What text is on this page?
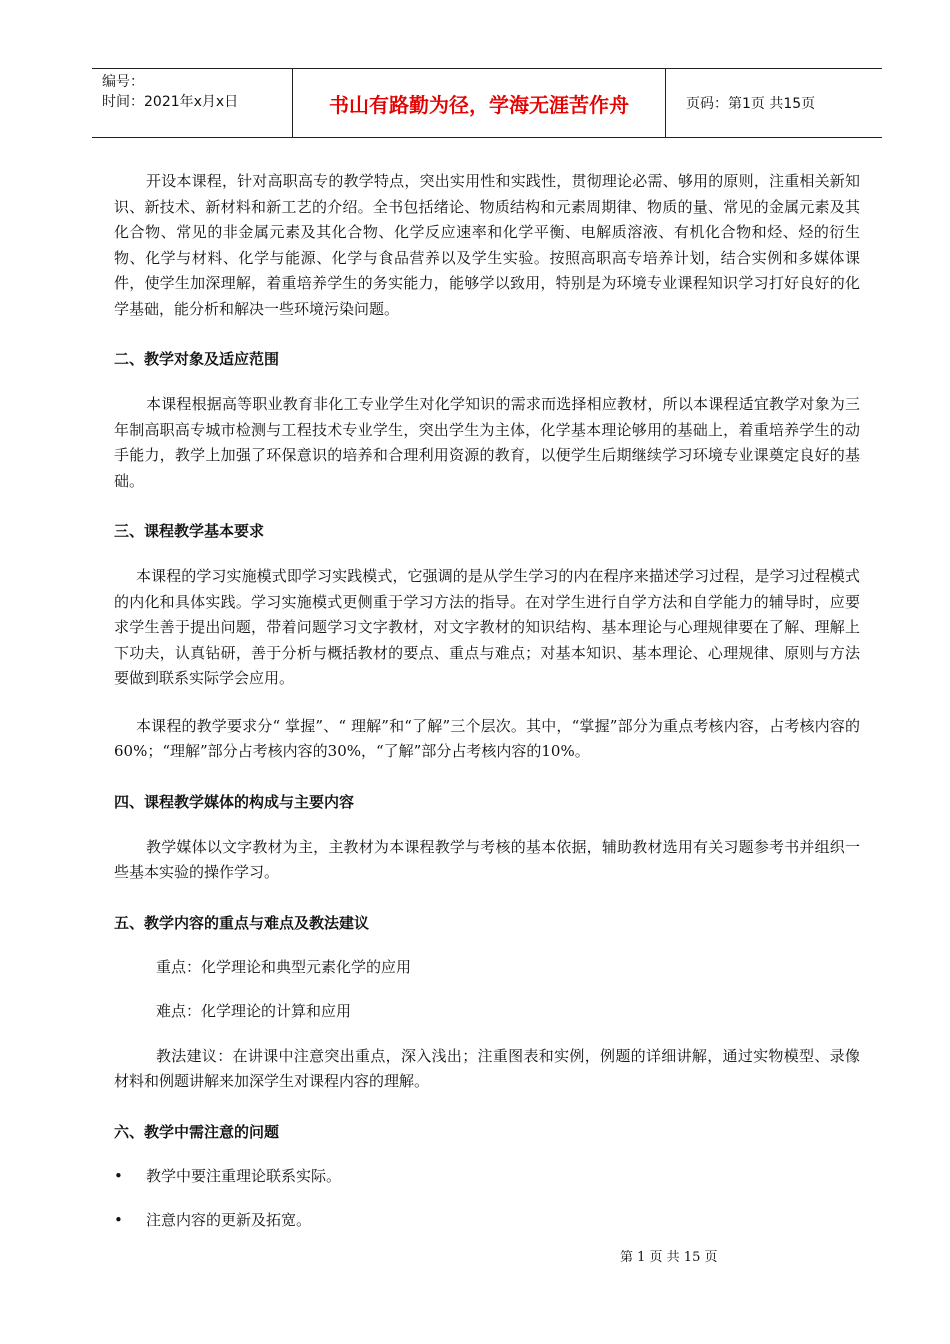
编号：
时间：2021年x月x日	书山有路勤为径，学海无涯苦作舟	页码：第1页 共15页

开设本课程，针对高职高专的教学特点，突出实用性和实践性，贯彻理论必需、够用的原则，注重相关新知识、新技术、新材料和新工艺的介绍。全书包括绪论、物质结构和元素周期律、物质的量、常见的金属元素及其化合物、常见的非金属元素及其化合物、化学反应速率和化学平衡、电解质溶液、有机化合物和烃、烃的衍生物、化学与材料、化学与能源、化学与食品营养以及学生实验。按照高职高专培养计划，结合实例和多媒体课件，使学生加深理解，着重培养学生的务实能力，能够学以致用，特别是为环境专业课程知识学习打好良好的化学基础，能分析和解决一些环境污染问题。

二、教学对象及适应范围

本课程根据高等职业教育非化工专业学生对化学知识的需求而选择相应教材，所以本课程适宜教学对象为三年制高职高专城市检测与工程技术专业学生，突出学生为主体，化学基本理论够用的基础上，着重培养学生的动手能力，教学上加强了环保意识的培养和合理利用资源的教育，以便学生后期继续学习环境专业课奠定良好的基础。

三、课程教学基本要求

本课程的学习实施模式即学习实践模式，它强调的是从学生学习的内在程序来描述学习过程，是学习过程模式的内化和具体实践。学习实施模式更侧重于学习方法的指导。在对学生进行自学方法和自学能力的辅导时，应要求学生善于提出问题，带着问题学习文字教材，对文字教材的知识结构、基本理论与心理规律要在了解、理解上下功夫，认真钻研，善于分析与概括教材的要点、重点与难点；对基本知识、基本理论、心理规律、原则与方法要做到联系实际学会应用。

本课程的教学要求分“ 掌握”、“ 理解”和“了解”三个层次。其中，“掌握”部分为重点考核内容，占考核内容的 60%；“理解”部分占考核内容的30%，“了解”部分占考核内容的10%。

四、课程教学媒体的构成与主要内容

教学媒体以文字教材为主，主教材为本课程教学与考核的基本依据，辅助教材选用有关习题参考书并组织一些基本实验的操作学习。

五、教学内容的重点与难点及教法建议

重点：化学理论和典型元素化学的应用

难点：化学理论的计算和应用

教法建议：在讲课中注意突出重点，深入浅出；注重图表和实例，例题的详细讲解，通过实物模型、录像材料和例题讲解来加深学生对课程内容的理解。

六、教学中需注意的问题
•	教学中要注重理论联系实际。
•	注意内容的更新及拓宽。
第 1 页 共 15 页
